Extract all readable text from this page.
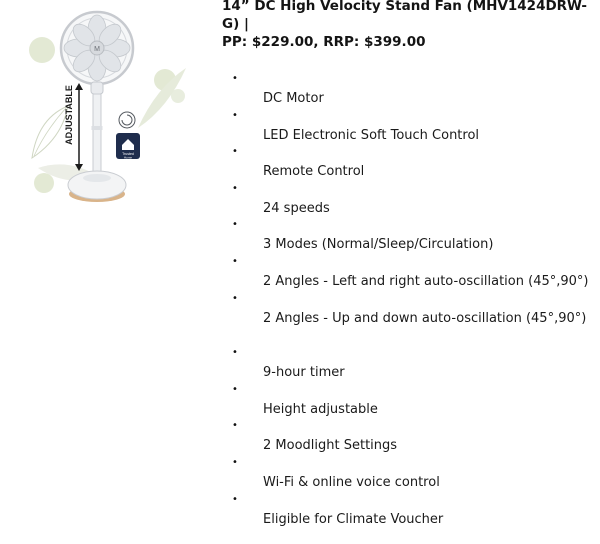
M
ADJUSTABLE
Trusted
Home
14” DC High Velocity Stand Fan (MHV1424DRW-G) |
PP: $229.00, RRP: $399.00
•
DC Motor
•
LED Electronic Soft Touch Control
•
Remote Control
•
24 speeds
•
3 Modes (Normal/Sleep/Circulation)
•
2 Angles - Left and right auto-oscillation (45°,90°)
•
2 Angles - Up and down auto-oscillation (45°,90°)
•
9-hour timer
•
Height adjustable
•
2 Moodlight Settings
•
Wi-Fi & online voice control
•
Eligible for Climate Voucher
